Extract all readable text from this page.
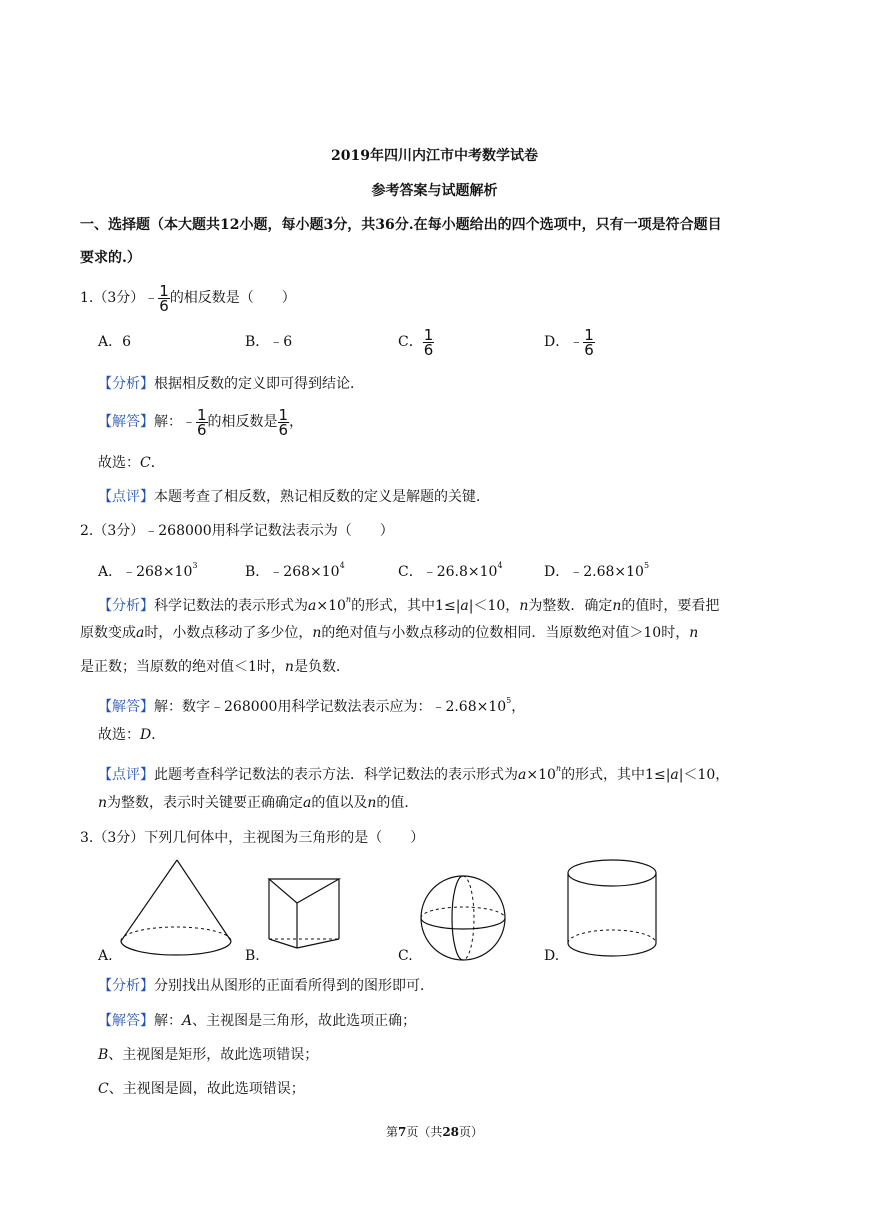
2019年四川内江市中考数学试卷
参考答案与试题解析
一、选择题（本大题共12小题，每小题3分，共36分.在每小题给出的四个选项中，只有一项是符合题目
要求的.）
1.（3分）﹣ $\frac{1}{6}$ 的相反数是（　　）
A．6	B．﹣6	C． $\frac{1}{6}$	D．﹣ $\frac{1}{6}$
【分析】根据相反数的定义即可得到结论．
【解答】解：﹣ $\frac{1}{6}$ 的相反数是 $\frac{1}{6}$ ，
故选：C．
【点评】本题考查了相反数，熟记相反数的定义是解题的关键．
2.（3分）﹣268000用科学记数法表示为（　　）
A．$﹣268\times 10^3$	B．$﹣268\times 10^4$	C．$﹣26.8\times 10^4$	D．$﹣2.68\times 10^5$
【分析】科学记数法的表示形式为$a\times 10^n$的形式，其中1≤|a|＜10，n为整数．确定n的值时，要看把
原数变成a时，小数点移动了多少位，n的绝对值与小数点移动的位数相同．当原数绝对值＞10时，n
是正数；当原数的绝对值＜1时，n是负数．
【解答】解：数字﹣268000用科学记数法表示应为：$﹣2.68\times 10^5$，
故选：D．
【点评】此题考查科学记数法的表示方法．科学记数法的表示形式为$a\times 10^n$的形式，其中1≤|a|＜10，
n为整数，表示时关键要正确确定a的值以及n的值．
3.（3分）下列几何体中，主视图为三角形的是（　　）
A.	B.	C.	D.
【分析】分别找出从图形的正面看所得到的图形即可．
【解答】解：A、主视图是三角形，故此选项正确；
B、主视图是矩形，故此选项错误；
C、主视图是圆，故此选项错误；
第7页（共28页）
